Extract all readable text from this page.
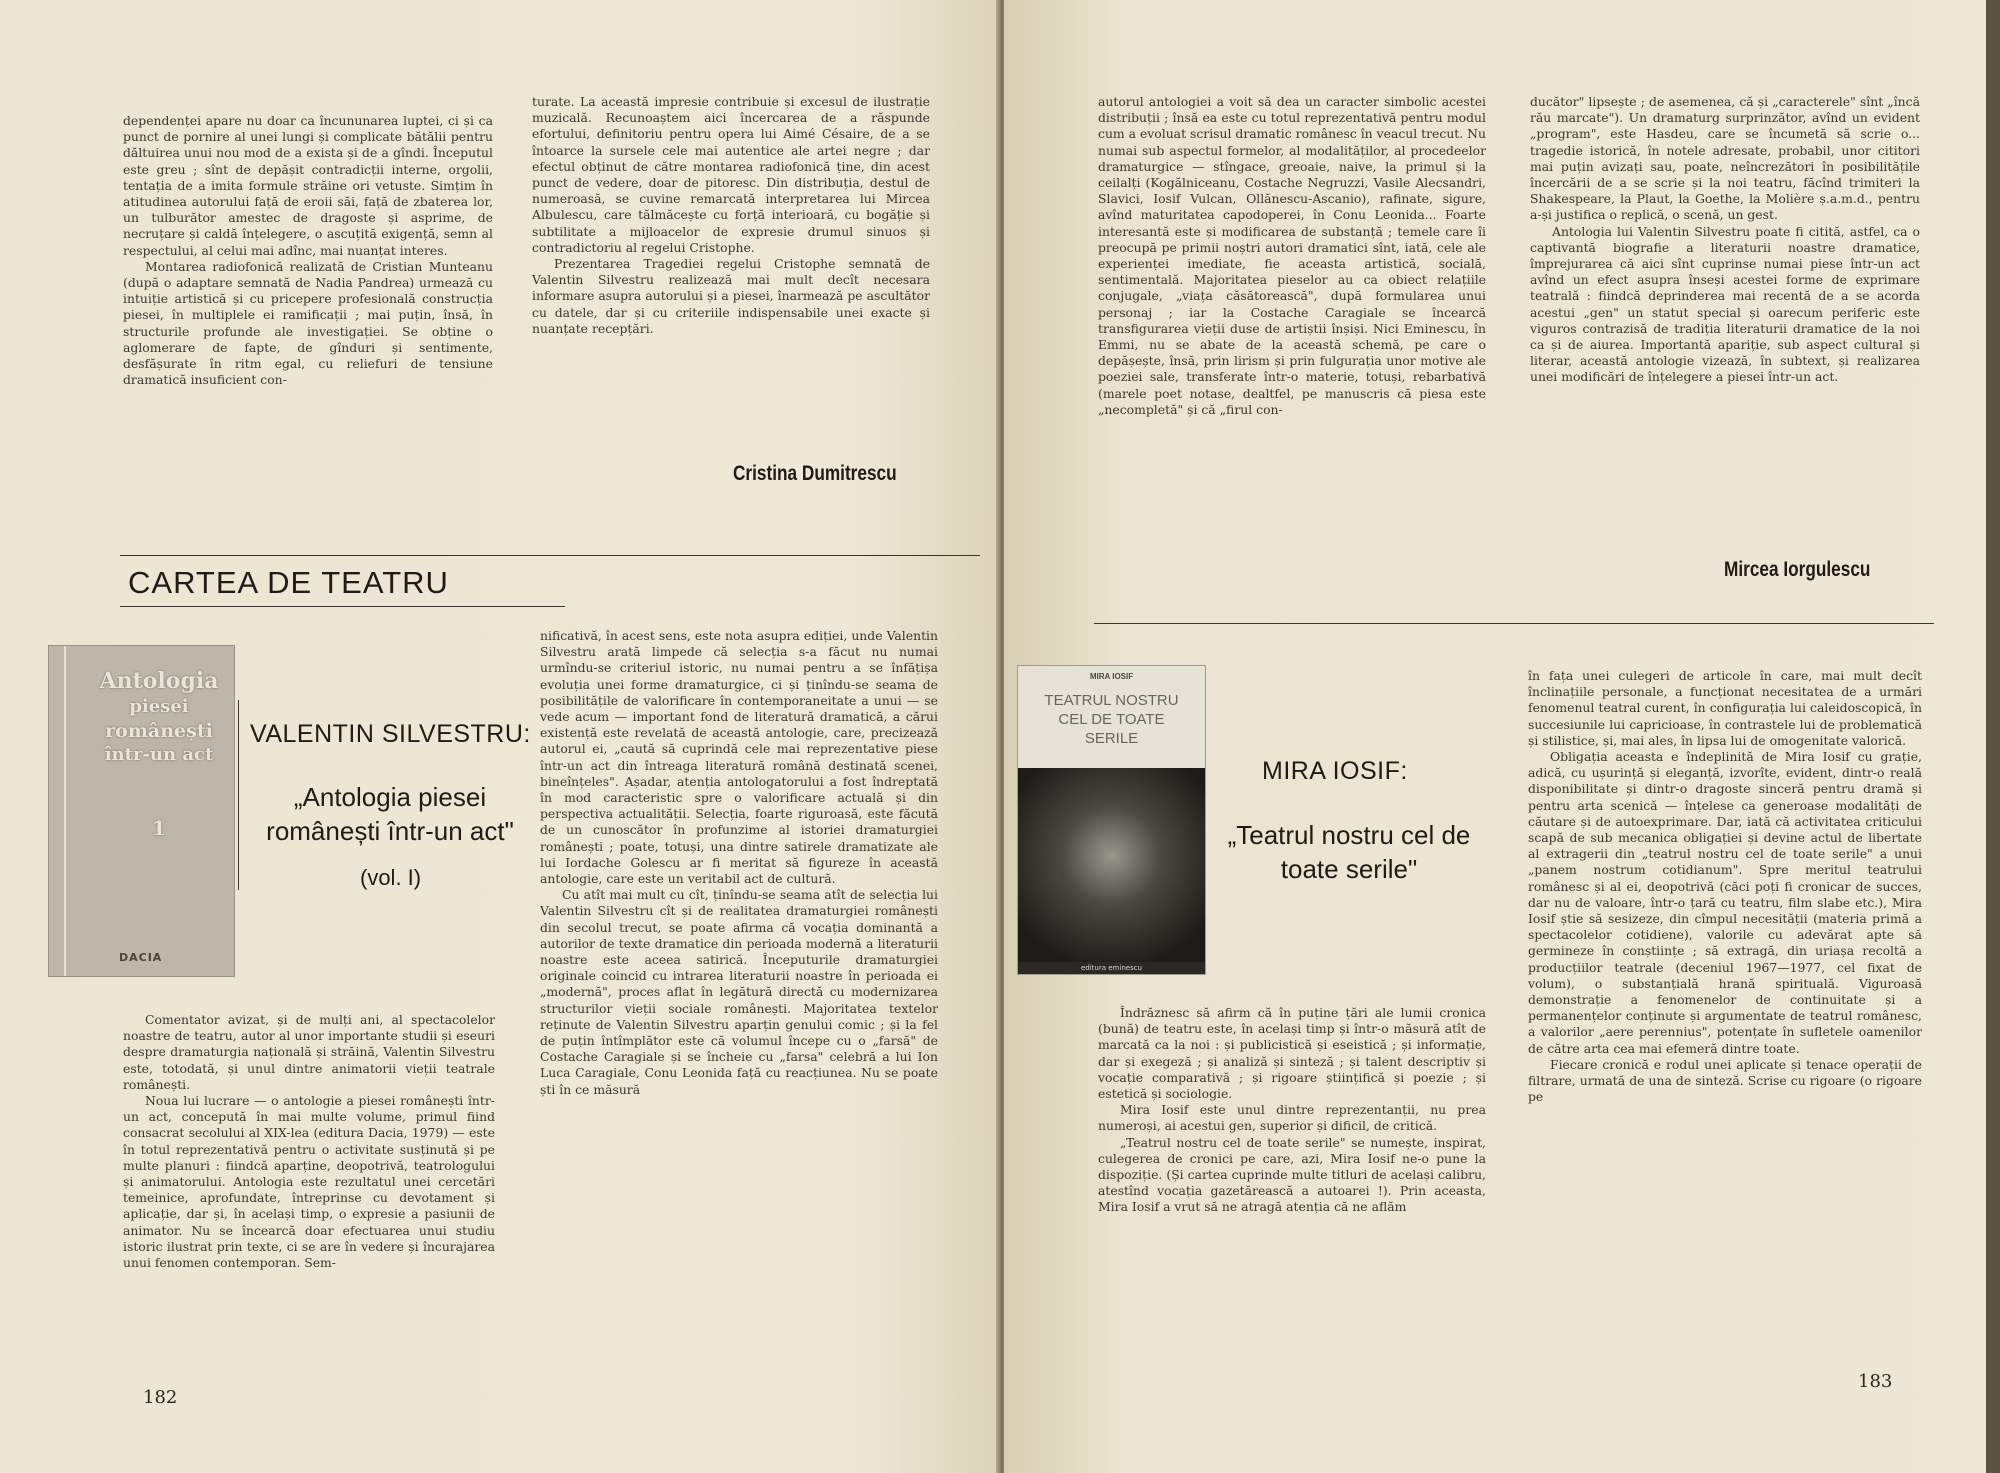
dependenței apare nu doar ca încununarea luptei, ci și ca punct de pornire al unei lungi și complicate bătălii pentru dăltuirea unui nou mod de a exista și de a gîndi. Începutul este greu ; sînt de depășit contradicții interne, orgolii, tentația de a imita formule străine ori vetuste. Simțim în atitudinea autorului față de eroii săi, față de zbaterea lor, un tulburător amestec de dragoste și asprime, de necruțare și caldă înțelegere, o ascuțită exigență, semn al respectului, al celui mai adînc, mai nuanțat interes.

Montarea radiofonică realizată de Cristian Munteanu (după o adaptare semnată de Nadia Pandrea) urmează cu intuiție artistică și cu pricepere profesională construcția piesei, în multiplele ei ramificații ; mai puțin, însă, în structurile profunde ale investigației. Se obține o aglomerare de fapte, de gînduri și sentimente, desfășurate în ritm egal, cu reliefuri de tensiune dramatică insuficient con-

turate. La această impresie contribuie și excesul de ilustrație muzicală. Recunoaștem aici încercarea de a răspunde efortului, definitoriu pentru opera lui Aimé Césaire, de a se întoarce la sursele cele mai autentice ale artei negre ; dar efectul obținut de către montarea radiofonică ține, din acest punct de vedere, doar de pitoresc. Din distribuția, destul de numeroasă, se cuvine remarcată interpretarea lui Mircea Albulescu, care tălmăcește cu forță interioară, cu bogăție și subtilitate a mijloacelor de expresie drumul sinuos și contradictoriu al regelui Cristophe.

Prezentarea Tragediei regelui Cristophe semnată de Valentin Silvestru realizează mai mult decît necesara informare asupra autorului și a piesei, înarmează pe ascultător cu datele, dar și cu criteriile indispensabile unei exacte și nuanțate recepțări.

Cristina Dumitrescu
CARTEA DE TEATRU
Antologia
piesei
românești
într-un act
1
DACIA
VALENTIN SILVESTRU:
„Antologia piesei românești într-un act"
(vol. I)

Comentator avizat, și de mulți ani, al spectacolelor noastre de teatru, autor al unor importante studii și eseuri despre dramaturgia națională și străină, Valentin Silvestru este, totodată, și unul dintre animatorii vieții teatrale românești.

Noua lui lucrare — o antologie a piesei românești într-un act, concepută în mai multe volume, primul fiind consacrat secolului al XIX-lea (editura Dacia, 1979) — este în totul reprezentativă pentru o activitate susținută și pe multe planuri : fiindcă aparține, deopotrivă, teatrologului și animatorului. Antologia este rezultatul unei cercetări temeinice, aprofundate, întreprinse cu devotament și aplicație, dar și, în același timp, o expresie a pasiunii de animator. Nu se încearcă doar efectuarea unui studiu istoric ilustrat prin texte, ci se are în vedere și încurajarea unui fenomen contemporan. Sem-

nificativă, în acest sens, este nota asupra ediției, unde Valentin Silvestru arată limpede că selecția s-a făcut nu numai urmîndu-se criteriul istoric, nu numai pentru a se înfățișa evoluția unei forme dramaturgice, ci și ținîndu-se seama de posibilitățile de valorificare în contemporaneitate a unui — se vede acum — important fond de literatură dramatică, a cărui existență este revelată de această antologie, care, precizează autorul ei, „caută să cuprindă cele mai reprezentative piese într-un act din întreaga literatură română destinată scenei, bineînțeles". Așadar, atenția antologatorului a fost îndreptată în mod caracteristic spre o valorificare actuală și din perspectiva actualității. Selecția, foarte riguroasă, este făcută de un cunoscător în profunzime al istoriei dramaturgiei românești ; poate, totuși, una dintre satirele dramatizate ale lui Iordache Golescu ar fi meritat să figureze în această antologie, care este un veritabil act de cultură.

Cu atît mai mult cu cît, ținîndu-se seama atît de selecția lui Valentin Silvestru cît și de realitatea dramaturgiei românești din secolul trecut, se poate afirma că vocația dominantă a autorilor de texte dramatice din perioada modernă a literaturii noastre este aceea satirică. Începuturile dramaturgiei originale coincid cu intrarea literaturii noastre în perioada ei „modernă", proces aflat în legătură directă cu modernizarea structurilor vieții sociale românești. Majoritatea textelor reținute de Valentin Silvestru aparțin genului comic ; și la fel de puțin întîmplător este că volumul începe cu o „farsă" de Costache Caragiale și se încheie cu „farsa" celebră a lui Ion Luca Caragiale, Conu Leonida față cu reacțiunea. Nu se poate ști în ce măsură

182

autorul antologiei a voit să dea un caracter simbolic acestei distribuții ; însă ea este cu totul reprezentativă pentru modul cum a evoluat scrisul dramatic românesc în veacul trecut. Nu numai sub aspectul formelor, al modalităților, al procedeelor dramaturgice — stîngace, greoaie, naive, la primul și la ceilalți (Kogălniceanu, Costache Negruzzi, Vasile Alecsandri, Slavici, Iosif Vulcan, Ollănescu-Ascanio), rafinate, sigure, avînd maturitatea capodoperei, în Conu Leonida... Foarte interesantă este și modificarea de substanță ; temele care îi preocupă pe primii noștri autori dramatici sînt, iată, cele ale experienței imediate, fie aceasta artistică, socială, sentimentală. Majoritatea pieselor au ca obiect relațiile conjugale, „viața căsătorească", după formularea unui personaj ; iar la Costache Caragiale se încearcă transfigurarea vieții duse de artiștii înșiși. Nici Eminescu, în Emmi, nu se abate de la această schemă, pe care o depășește, însă, prin lirism și prin fulgurația unor motive ale poeziei sale, transferate într-o materie, totuși, rebarbativă (marele poet notase, dealtfel, pe manuscris că piesa este „necompletă" și că „firul con-

ducător" lipsește ; de asemenea, că și „caracterele" sînt „încă rău marcate"). Un dramaturg surprinzător, avînd un evident „program", este Hasdeu, care se încumetă să scrie o... tragedie istorică, în notele adresate, probabil, unor cititori mai puțin avizați sau, poate, neîncrezători în posibilitățile încercării de a se scrie și la noi teatru, făcînd trimiteri la Shakespeare, la Plaut, la Goethe, la Molière ș.a.m.d., pentru a-și justifica o replică, o scenă, un gest.

Antologia lui Valentin Silvestru poate fi citită, astfel, ca o captivantă biografie a literaturii noastre dramatice, împrejurarea că aici sînt cuprinse numai piese într-un act avînd un efect asupra înseși acestei forme de exprimare teatrală : fiindcă deprinderea mai recentă de a se acorda acestui „gen" un statut special și oarecum periferic este viguros contrazisă de tradiția literaturii dramatice de la noi ca și de aiurea. Importantă apariție, sub aspect cultural și literar, această antologie vizează, în subtext, și realizarea unei modificări de înțelegere a piesei într-un act.

Mircea Iorgulescu
MIRA IOSIF
TEATRUL NOSTRU
CEL DE TOATE
SERILE
editura eminescu
MIRA IOSIF:
„Teatrul nostru cel de toate serile"

Îndrăznesc să afirm că în puține țări ale lumii cronica (bună) de teatru este, în același timp și într-o măsură atît de marcată ca la noi : și publicistică și eseistică ; și informație, dar și exegeză ; și analiză și sinteză ; și talent descriptiv și vocație comparativă ; și rigoare științifică și poezie ; și estetică și sociologie.

Mira Iosif este unul dintre reprezentanții, nu prea numeroși, ai acestui gen, superior și dificil, de critică.

„Teatrul nostru cel de toate serile" se numește, inspirat, culegerea de cronici pe care, azi, Mira Iosif ne-o pune la dispoziție. (Și cartea cuprinde multe titluri de același calibru, atestînd vocația gazetărească a autoarei !). Prin aceasta, Mira Iosif a vrut să ne atragă atenția că ne aflăm

în fața unei culegeri de articole în care, mai mult decît înclinațiile personale, a funcționat necesitatea de a urmări fenomenul teatral curent, în configurația lui caleidoscopică, în succesiunile lui capricioase, în contrastele lui de problematică și stilistice, și, mai ales, în lipsa lui de omogenitate valorică.

Obligația aceasta e îndeplinită de Mira Iosif cu grație, adică, cu ușurință și eleganță, izvorîte, evident, dintr-o reală disponibilitate și dintr-o dragoste sinceră pentru dramă și pentru arta scenică — înțelese ca generoase modalități de căutare și de autoexprimare. Dar, iată că activitatea criticului scapă de sub mecanica obligației și devine actul de libertate al extragerii din „teatrul nostru cel de toate serile" a unui „panem nostrum cotidianum". Spre meritul teatrului românesc și al ei, deopotrivă (căci poți fi cronicar de succes, dar nu de valoare, într-o țară cu teatru, film slabe etc.), Mira Iosif știe să sesizeze, din cîmpul necesității (materia primă a spectacolelor cotidiene), valorile cu adevărat apte să germineze în conștiințe ; să extragă, din uriașa recoltă a producțiilor teatrale (deceniul 1967—1977, cel fixat de volum), o substanțială hrană spirituală. Viguroasă demonstrație a fenomenelor de continuitate și a permanențelor conținute și argumentate de teatrul românesc, a valorilor „aere perennius", potențate în sufletele oamenilor de către arta cea mai efemeră dintre toate.

Fiecare cronică e rodul unei aplicate și tenace operații de filtrare, urmată de una de sinteză. Scrise cu rigoare (o rigoare pe

183
